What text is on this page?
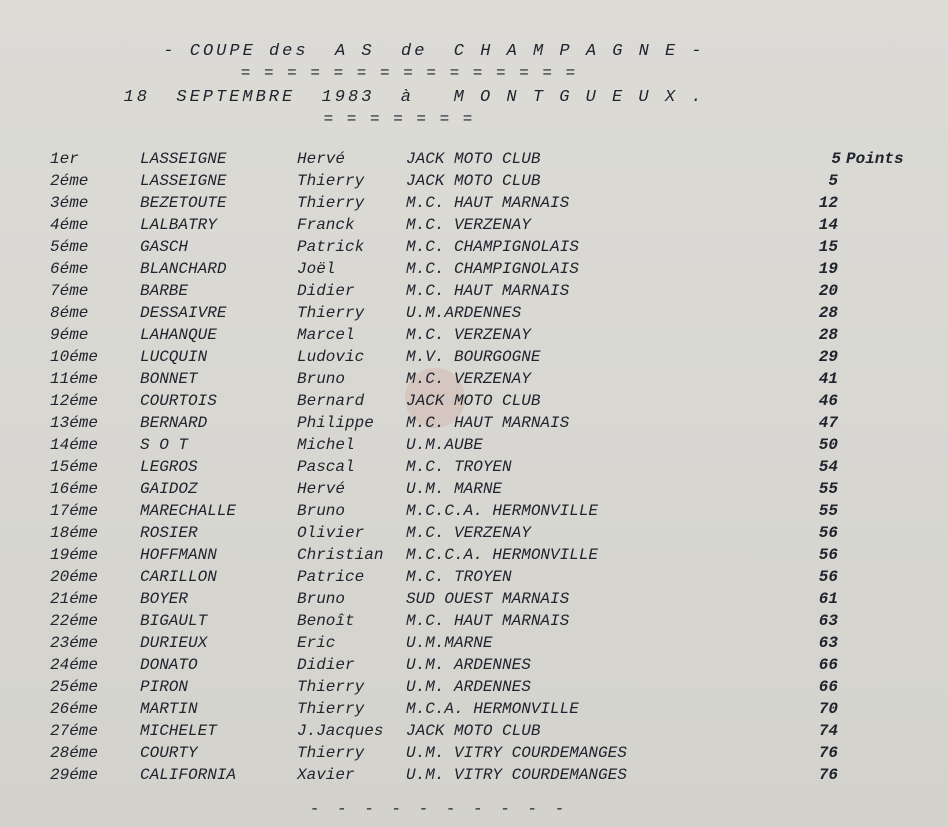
- COUPE des  A S  de  C H A M P A G N E -
= = = = = = = = = = = = = = =
18  SEPTEMBRE  1983  à   M O N T G U E U X .
= = = = = = =
1er	LASSEIGNE	Hervé	JACK MOTO CLUB	5 Points
2éme	LASSEIGNE	Thierry	JACK MOTO CLUB	5
3éme	BEZETOUTE	Thierry	M.C. HAUT MARNAIS	12
4éme	LALBATRY	Franck	M.C. VERZENAY	14
5éme	GASCH	Patrick	M.C. CHAMPIGNOLAIS	15
6éme	BLANCHARD	Joël	M.C. CHAMPIGNOLAIS	19
7éme	BARBE	Didier	M.C. HAUT MARNAIS	20
8éme	DESSAIVRE	Thierry	U.M.ARDENNES	28
9éme	LAHANQUE	Marcel	M.C. VERZENAY	28
10éme	LUCQUIN	Ludovic	M.V. BOURGOGNE	29
11éme	BONNET	Bruno	M.C. VERZENAY	41
12éme	COURTOIS	Bernard	JACK MOTO CLUB	46
13éme	BERNARD	Philippe M.C. HAUT MARNAIS	47
14éme	S O T	Michel	U.M.AUBE	50
15éme	LEGROS	Pascal	M.C. TROYEN	54
16éme	GAIDOZ	Hervé	U.M. MARNE	55
17éme	MARECHALLE	Bruno	M.C.C.A. HERMONVILLE	55
18éme	ROSIER	Olivier	M.C. VERZENAY	56
19éme	HOFFMANN	Christian M.C.C.A. HERMONVILLE	56
20éme	CARILLON	Patrice	M.C. TROYEN	56
21éme	BOYER	Bruno	SUD OUEST MARNAIS	61
22éme	BIGAULT	Benoît	M.C. HAUT MARNAIS	63
23éme	DURIEUX	Eric	U.M.MARNE	63
24éme	DONATO	Didier	U.M. ARDENNES	66
25éme	PIRON	Thierry	U.M. ARDENNES	66
26éme	MARTIN	Thierry	M.C.A. HERMONVILLE	70
27éme	MICHELET	J.Jacques JACK MOTO CLUB	74
28éme	COURTY	Thierry	U.M. VITRY COURDEMANGES	76
29éme	CALIFORNIA	Xavier	U.M. VITRY COURDEMANGES	76
- - - - - - - - - -
